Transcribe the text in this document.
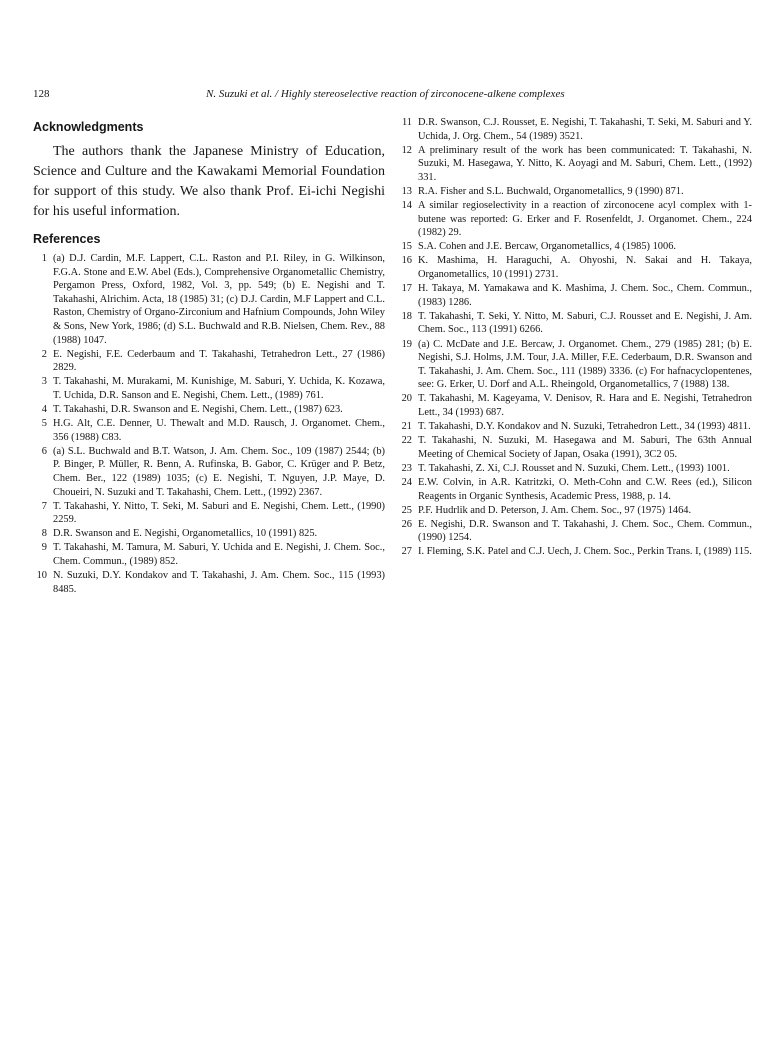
128	N. Suzuki et al. / Highly stereoselective reaction of zirconocene-alkene complexes
Acknowledgments

The authors thank the Japanese Ministry of Education, Science and Culture and the Kawakami Memorial Foundation for support of this study. We also thank Prof. Ei-ichi Negishi for his useful information.

References
1 (a) D.J. Cardin, M.F. Lappert, C.L. Raston and P.I. Riley, in G. Wilkinson, F.G.A. Stone and E.W. Abel (Eds.), Comprehensive Organometallic Chemistry, Pergamon Press, Oxford, 1982, Vol. 3, pp. 549; (b) E. Negishi and T. Takahashi, Alrichim. Acta, 18 (1985) 31; (c) D.J. Cardin, M.F Lappert and C.L. Raston, Chemistry of Organo-Zirconium and Hafnium Compounds, John Wiley & Sons, New York, 1986; (d) S.L. Buchwald and R.B. Nielsen, Chem. Rev., 88 (1988) 1047.
2 E. Negishi, F.E. Cederbaum and T. Takahashi, Tetrahedron Lett., 27 (1986) 2829.
3 T. Takahashi, M. Murakami, M. Kunishige, M. Saburi, Y. Uchida, K. Kozawa, T. Uchida, D.R. Sanson and E. Negishi, Chem. Lett., (1989) 761.
4 T. Takahashi, D.R. Swanson and E. Negishi, Chem. Lett., (1987) 623.
5 H.G. Alt, C.E. Denner, U. Thewalt and M.D. Rausch, J. Organomet. Chem., 356 (1988) C83.
6 (a) S.L. Buchwald and B.T. Watson, J. Am. Chem. Soc., 109 (1987) 2544; (b) P. Binger, P. Müller, R. Benn, A. Rufinska, B. Gabor, C. Krüger and P. Betz, Chem. Ber., 122 (1989) 1035; (c) E. Negishi, T. Nguyen, J.P. Maye, D. Choueiri, N. Suzuki and T. Takahashi, Chem. Lett., (1992) 2367.
7 T. Takahashi, Y. Nitto, T. Seki, M. Saburi and E. Negishi, Chem. Lett., (1990) 2259.
8 D.R. Swanson and E. Negishi, Organometallics, 10 (1991) 825.
9 T. Takahashi, M. Tamura, M. Saburi, Y. Uchida and E. Negishi, J. Chem. Soc., Chem. Commun., (1989) 852.
10 N. Suzuki, D.Y. Kondakov and T. Takahashi, J. Am. Chem. Soc., 115 (1993) 8485.
11 D.R. Swanson, C.J. Rousset, E. Negishi, T. Takahashi, T. Seki, M. Saburi and Y. Uchida, J. Org. Chem., 54 (1989) 3521.
12 A preliminary result of the work has been communicated: T. Takahashi, N. Suzuki, M. Hasegawa, Y. Nitto, K. Aoyagi and M. Saburi, Chem. Lett., (1992) 331.
13 R.A. Fisher and S.L. Buchwald, Organometallics, 9 (1990) 871.
14 A similar regioselectivity in a reaction of zirconocene acyl complex with 1-butene was reported: G. Erker and F. Rosenfeldt, J. Organomet. Chem., 224 (1982) 29.
15 S.A. Cohen and J.E. Bercaw, Organometallics, 4 (1985) 1006.
16 K. Mashima, H. Haraguchi, A. Ohyoshi, N. Sakai and H. Takaya, Organometallics, 10 (1991) 2731.
17 H. Takaya, M. Yamakawa and K. Mashima, J. Chem. Soc., Chem. Commun., (1983) 1286.
18 T. Takahashi, T. Seki, Y. Nitto, M. Saburi, C.J. Rousset and E. Negishi, J. Am. Chem. Soc., 113 (1991) 6266.
19 (a) C. McDate and J.E. Bercaw, J. Organomet. Chem., 279 (1985) 281; (b) E. Negishi, S.J. Holms, J.M. Tour, J.A. Miller, F.E. Cederbaum, D.R. Swanson and T. Takahashi, J. Am. Chem. Soc., 111 (1989) 3336. (c) For hafnacyclopentenes, see: G. Erker, U. Dorf and A.L. Rheingold, Organometallics, 7 (1988) 138.
20 T. Takahashi, M. Kageyama, V. Denisov, R. Hara and E. Negishi, Tetrahedron Lett., 34 (1993) 687.
21 T. Takahashi, D.Y. Kondakov and N. Suzuki, Tetrahedron Lett., 34 (1993) 4811.
22 T. Takahashi, N. Suzuki, M. Hasegawa and M. Saburi, The 63th Annual Meeting of Chemical Society of Japan, Osaka (1991), 3C2 05.
23 T. Takahashi, Z. Xi, C.J. Rousset and N. Suzuki, Chem. Lett., (1993) 1001.
24 E.W. Colvin, in A.R. Katritzki, O. Meth-Cohn and C.W. Rees (ed.), Silicon Reagents in Organic Synthesis, Academic Press, 1988, p. 14.
25 P.F. Hudrlik and D. Peterson, J. Am. Chem. Soc., 97 (1975) 1464.
26 E. Negishi, D.R. Swanson and T. Takahashi, J. Chem. Soc., Chem. Commun., (1990) 1254.
27 I. Fleming, S.K. Patel and C.J. Uech, J. Chem. Soc., Perkin Trans. I, (1989) 115.
